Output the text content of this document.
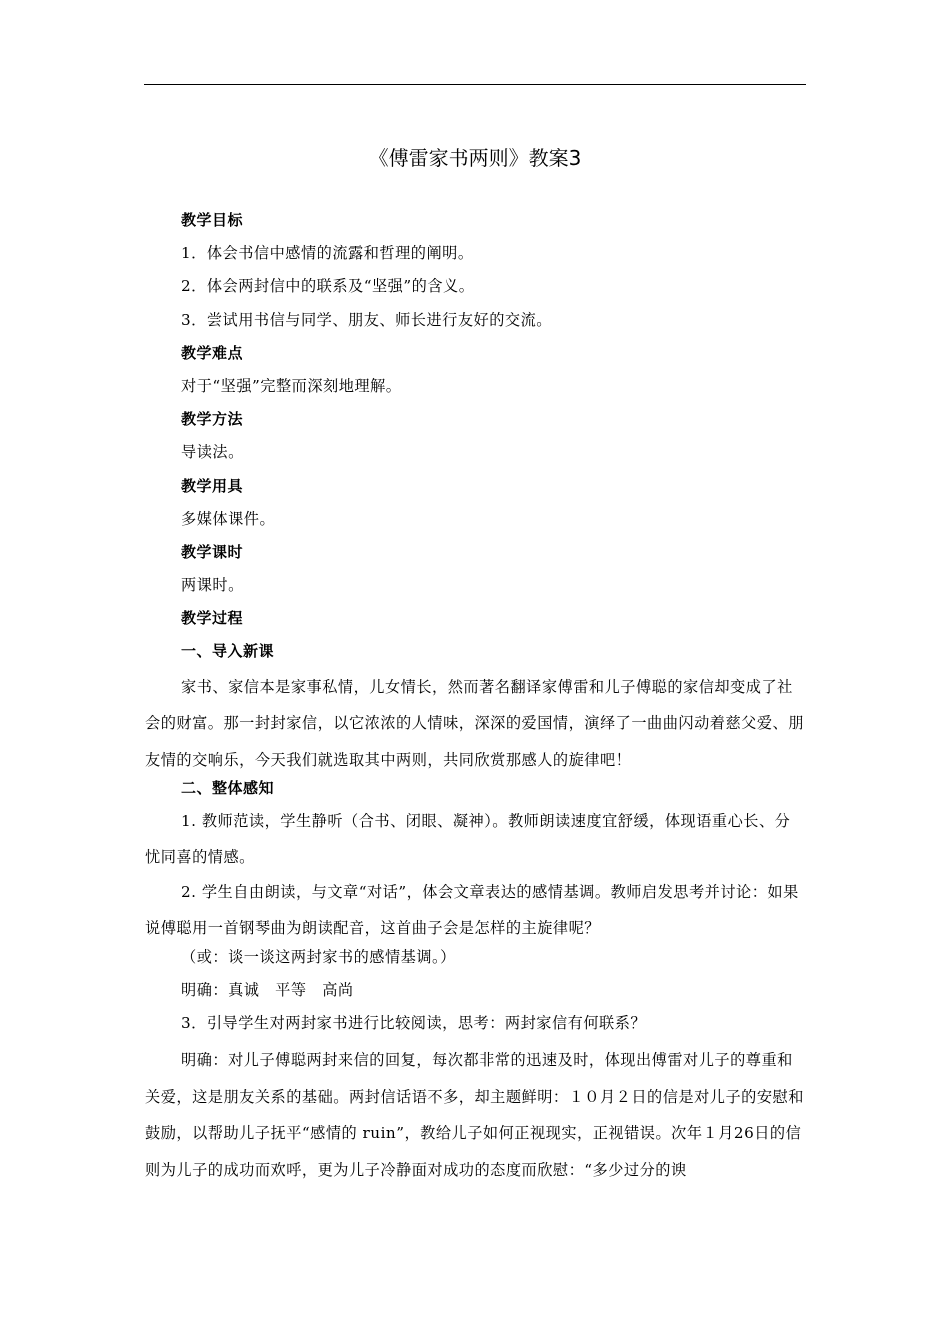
《傅雷家书两则》教案3

教学目标

1．体会书信中感情的流露和哲理的阐明。

2．体会两封信中的联系及“坚强”的含义。

3．尝试用书信与同学、朋友、师长进行友好的交流。

教学难点

对于“坚强”完整而深刻地理解。

教学方法

导读法。

教学用具

多媒体课件。

教学课时

两课时。

教学过程

一、导入新课

家书、家信本是家事私情，儿女情长，然而著名翻译家傅雷和儿子傅聪的家信却变成了社会的财富。那一封封家信，以它浓浓的人情味，深深的爱国情，演绎了一曲曲闪动着慈父爱、朋友情的交响乐，今天我们就选取其中两则，共同欣赏那感人的旋律吧！

二、整体感知

1. 教师范读，学生静听（合书、闭眼、凝神）。教师朗读速度宜舒缓，体现语重心长、分忧同喜的情感。

2. 学生自由朗读，与文章“对话”，体会文章表达的感情基调。教师启发思考并讨论：如果说傅聪用一首钢琴曲为朗读配音，这首曲子会是怎样的主旋律呢？

（或：谈一谈这两封家书的感情基调。）

明确：真诚　平等　高尚

3．引导学生对两封家书进行比较阅读，思考：两封家信有何联系？

明确：对儿子傅聪两封来信的回复，每次都非常的迅速及时，体现出傅雷对儿子的尊重和关爱，这是朋友关系的基础。两封信话语不多，却主题鲜明：１０月２日的信是对儿子的安慰和鼓励，以帮助儿子抚平“感情的 ruin”，教给儿子如何正视现实，正视错误。次年１月26日的信则为儿子的成功而欢呼，更为儿子冷静面对成功的态度而欣慰：“多少过分的谀
